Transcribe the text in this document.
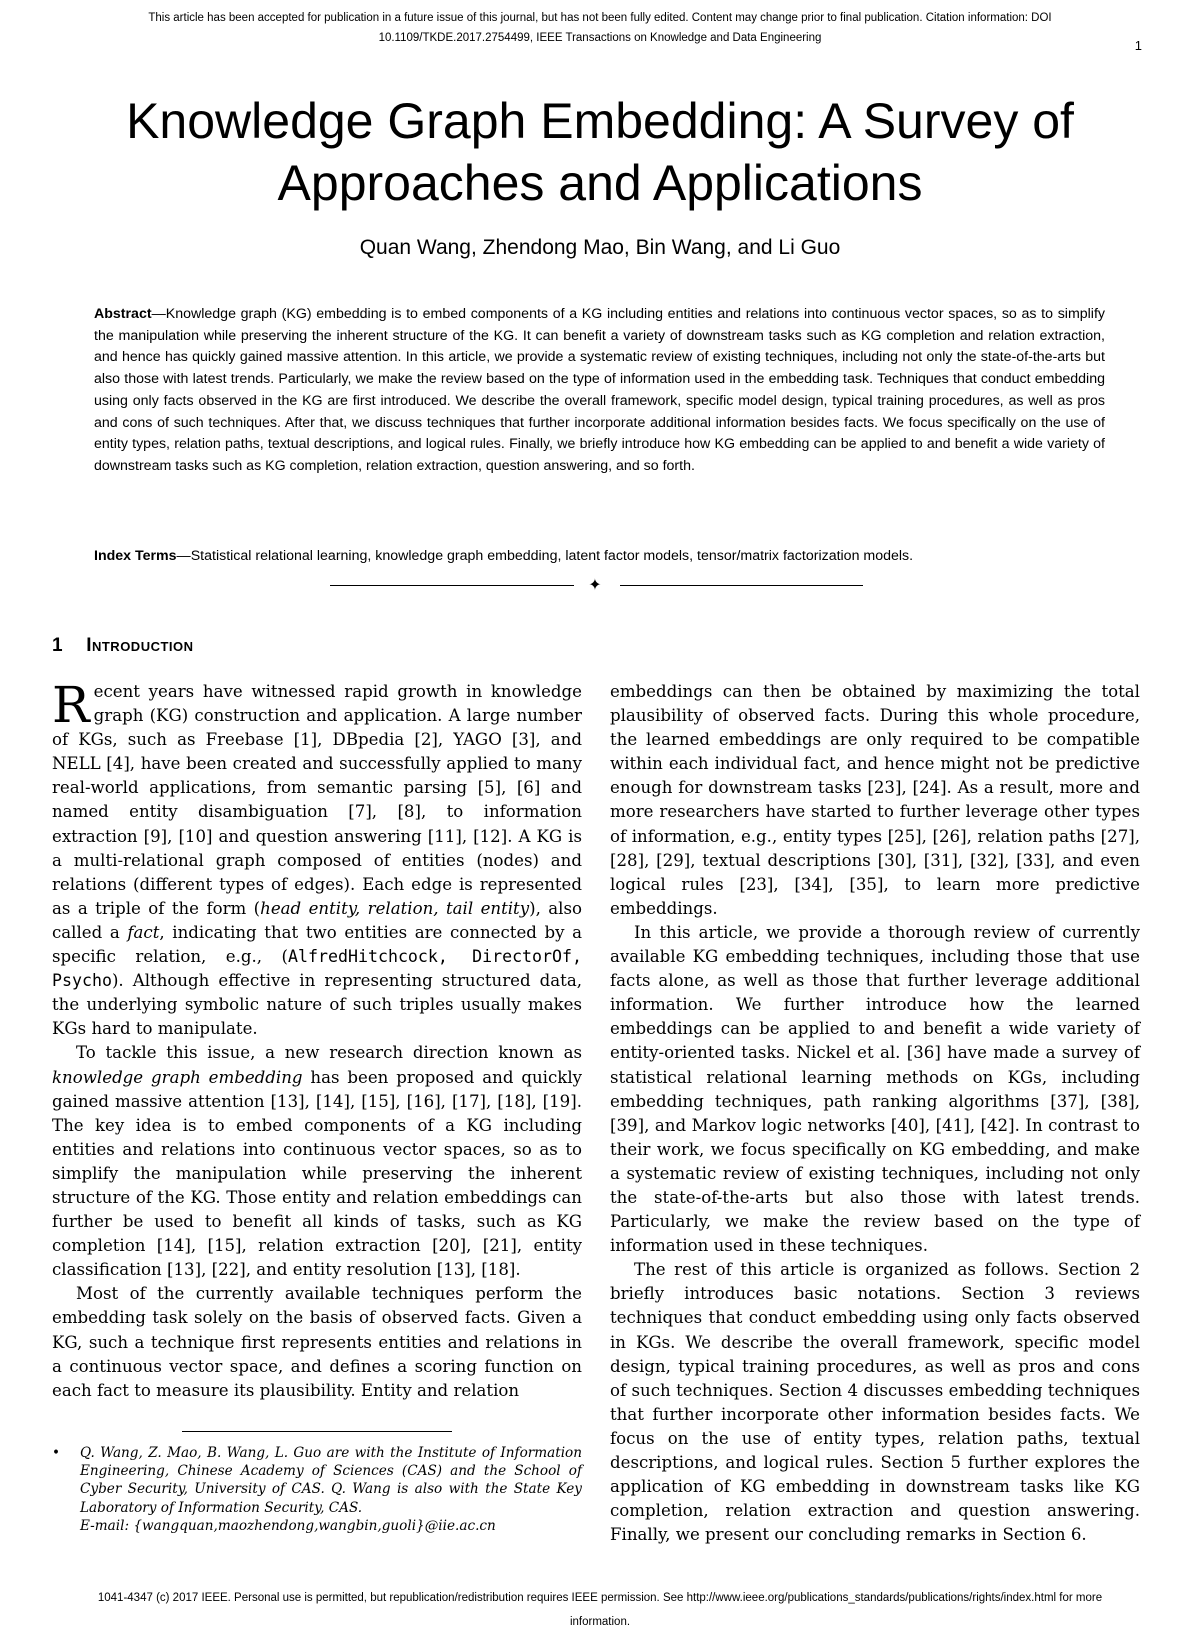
This article has been accepted for publication in a future issue of this journal, but has not been fully edited. Content may change prior to final publication. Citation information: DOI
10.1109/TKDE.2017.2754499, IEEE Transactions on Knowledge and Data Engineering	1
Knowledge Graph Embedding: A Survey of Approaches and Applications
Quan Wang, Zhendong Mao, Bin Wang, and Li Guo

Abstract—Knowledge graph (KG) embedding is to embed components of a KG including entities and relations into continuous vector spaces, so as to simplify the manipulation while preserving the inherent structure of the KG. It can benefit a variety of downstream tasks such as KG completion and relation extraction, and hence has quickly gained massive attention. In this article, we provide a systematic review of existing techniques, including not only the state-of-the-arts but also those with latest trends. Particularly, we make the review based on the type of information used in the embedding task. Techniques that conduct embedding using only facts observed in the KG are first introduced. We describe the overall framework, specific model design, typical training procedures, as well as pros and cons of such techniques. After that, we discuss techniques that further incorporate additional information besides facts. We focus specifically on the use of entity types, relation paths, textual descriptions, and logical rules. Finally, we briefly introduce how KG embedding can be applied to and benefit a wide variety of downstream tasks such as KG completion, relation extraction, question answering, and so forth.

Index Terms—Statistical relational learning, knowledge graph embedding, latent factor models, tensor/matrix factorization models.

✦
1 Introduction

Recent years have witnessed rapid growth in knowledge graph (KG) construction and application. A large number of KGs, such as Freebase [1], DBpedia [2], YAGO [3], and NELL [4], have been created and successfully applied to many real-world applications, from semantic parsing [5], [6] and named entity disambiguation [7], [8], to information extraction [9], [10] and question answering [11], [12]. A KG is a multi-relational graph composed of entities (nodes) and relations (different types of edges). Each edge is represented as a triple of the form (head entity, relation, tail entity), also called a fact, indicating that two entities are connected by a specific relation, e.g., (AlfredHitchcock, DirectorOf, Psycho). Although effective in representing structured data, the underlying symbolic nature of such triples usually makes KGs hard to manipulate.

To tackle this issue, a new research direction known as knowledge graph embedding has been proposed and quickly gained massive attention [13], [14], [15], [16], [17], [18], [19]. The key idea is to embed components of a KG including entities and relations into continuous vector spaces, so as to simplify the manipulation while preserving the inherent structure of the KG. Those entity and relation embeddings can further be used to benefit all kinds of tasks, such as KG completion [14], [15], relation extraction [20], [21], entity classification [13], [22], and entity resolution [13], [18].

Most of the currently available techniques perform the embedding task solely on the basis of observed facts. Given a KG, such a technique first represents entities and relations in a continuous vector space, and defines a scoring function on each fact to measure its plausibility. Entity and relation

embeddings can then be obtained by maximizing the total plausibility of observed facts. During this whole procedure, the learned embeddings are only required to be compatible within each individual fact, and hence might not be predictive enough for downstream tasks [23], [24]. As a result, more and more researchers have started to further leverage other types of information, e.g., entity types [25], [26], relation paths [27], [28], [29], textual descriptions [30], [31], [32], [33], and even logical rules [23], [34], [35], to learn more predictive embeddings.

In this article, we provide a thorough review of currently available KG embedding techniques, including those that use facts alone, as well as those that further leverage additional information. We further introduce how the learned embeddings can be applied to and benefit a wide variety of entity-oriented tasks. Nickel et al. [36] have made a survey of statistical relational learning methods on KGs, including embedding techniques, path ranking algorithms [37], [38], [39], and Markov logic networks [40], [41], [42]. In contrast to their work, we focus specifically on KG embedding, and make a systematic review of existing techniques, including not only the state-of-the-arts but also those with latest trends. Particularly, we make the review based on the type of information used in these techniques.

The rest of this article is organized as follows. Section 2 briefly introduces basic notations. Section 3 reviews techniques that conduct embedding using only facts observed in KGs. We describe the overall framework, specific model design, typical training procedures, as well as pros and cons of such techniques. Section 4 discusses embedding techniques that further incorporate other information besides facts. We focus on the use of entity types, relation paths, textual descriptions, and logical rules. Section 5 further explores the application of KG embedding in downstream tasks like KG completion, relation extraction and question answering. Finally, we present our concluding remarks in Section 6.

• Q. Wang, Z. Mao, B. Wang, L. Guo are with the Institute of Information Engineering, Chinese Academy of Sciences (CAS) and the School of Cyber Security, University of CAS. Q. Wang is also with the State Key Laboratory of Information Security, CAS.
E-mail: {wangquan,maozhendong,wangbin,guoli}@iie.ac.cn
1041-4347 (c) 2017 IEEE. Personal use is permitted, but republication/redistribution requires IEEE permission. See http://www.ieee.org/publications_standards/publications/rights/index.html for more
information.
